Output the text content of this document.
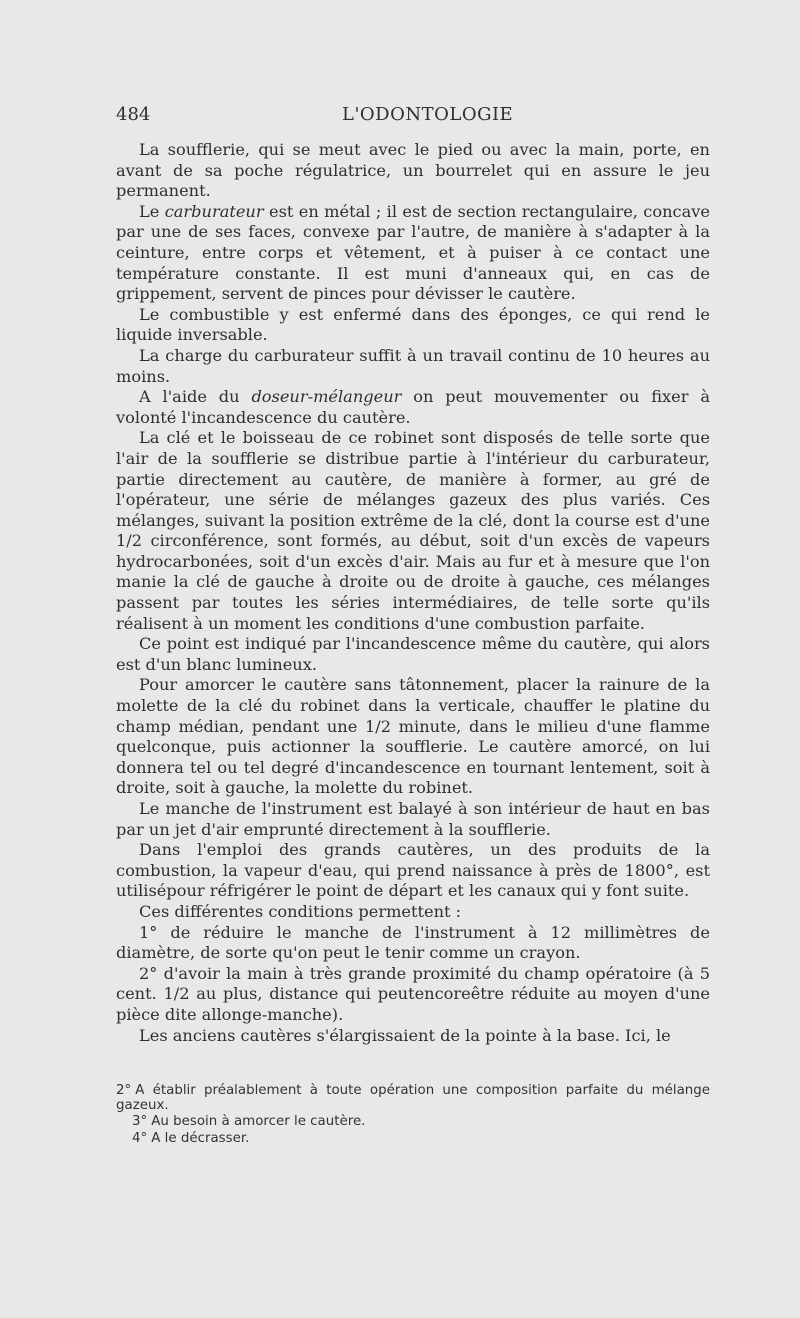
484	L'ODONTOLOGIE

La soufflerie, qui se meut avec le pied ou avec la main, porte, en avant de sa poche régulatrice, un bourrelet qui en assure le jeu permanent.

Le carburateur est en métal ; il est de section rectangulaire, concave par une de ses faces, convexe par l'autre, de manière à s'adapter à la ceinture, entre corps et vêtement, et à puiser à ce contact une température constante. Il est muni d'anneaux qui, en cas de grippement, servent de pinces pour dévisser le cautère.

Le combustible y est enfermé dans des éponges, ce qui rend le liquide inversable.

La charge du carburateur suffit à un travail continu de 10 heures au moins.

A l'aide du doseur-mélangeur on peut mouvementer ou fixer à volonté l'incandescence du cautère.

La clé et le boisseau de ce robinet sont disposés de telle sorte que l'air de la soufflerie se distribue partie à l'intérieur du carburateur, partie directement au cautère, de manière à former, au gré de l'opérateur, une série de mélanges gazeux des plus variés. Ces mélanges, suivant la position extrême de la clé, dont la course est d'une 1/2 circonférence, sont formés, au début, soit d'un excès de vapeurs hydrocarbonées, soit d'un excès d'air. Mais au fur et à mesure que l'on manie la clé de gauche à droite ou de droite à gauche, ces mélanges passent par toutes les séries intermédiaires, de telle sorte qu'ils réalisent à un moment les conditions d'une combustion parfaite.

Ce point est indiqué par l'incandescence même du cautère, qui alors est d'un blanc lumineux.

Pour amorcer le cautère sans tâtonnement, placer la rainure de la molette de la clé du robinet dans la verticale, chauffer le platine du champ médian, pendant une 1/2 minute, dans le milieu d'une flamme quelconque, puis actionner la soufflerie. Le cautère amorcé, on lui donnera tel ou tel degré d'incandescence en tournant lentement, soit à droite, soit à gauche, la molette du robinet.

Le manche de l'instrument est balayé à son intérieur de haut en bas par un jet d'air emprunté directement à la soufflerie.

Dans l'emploi des grands cautères, un des produits de la combustion, la vapeur d'eau, qui prend naissance à près de 1800°, est utilisépour réfrigérer le point de départ et les canaux qui y font suite.

Ces différentes conditions permettent :

1° de réduire le manche de l'instrument à 12 millimètres de diamètre, de sorte qu'on peut le tenir comme un crayon.

2° d'avoir la main à très grande proximité du champ opératoire (à 5 cent. 1/2 au plus, distance qui peutencoreêtre réduite au moyen d'une pièce dite allonge-manche).

Les anciens cautères s'élargissaient de la pointe à la base. Ici, le

2° A établir préalablement à toute opération une composition parfaite du mélange gazeux.

3° Au besoin à amorcer le cautère.

4° A le décrasser.
